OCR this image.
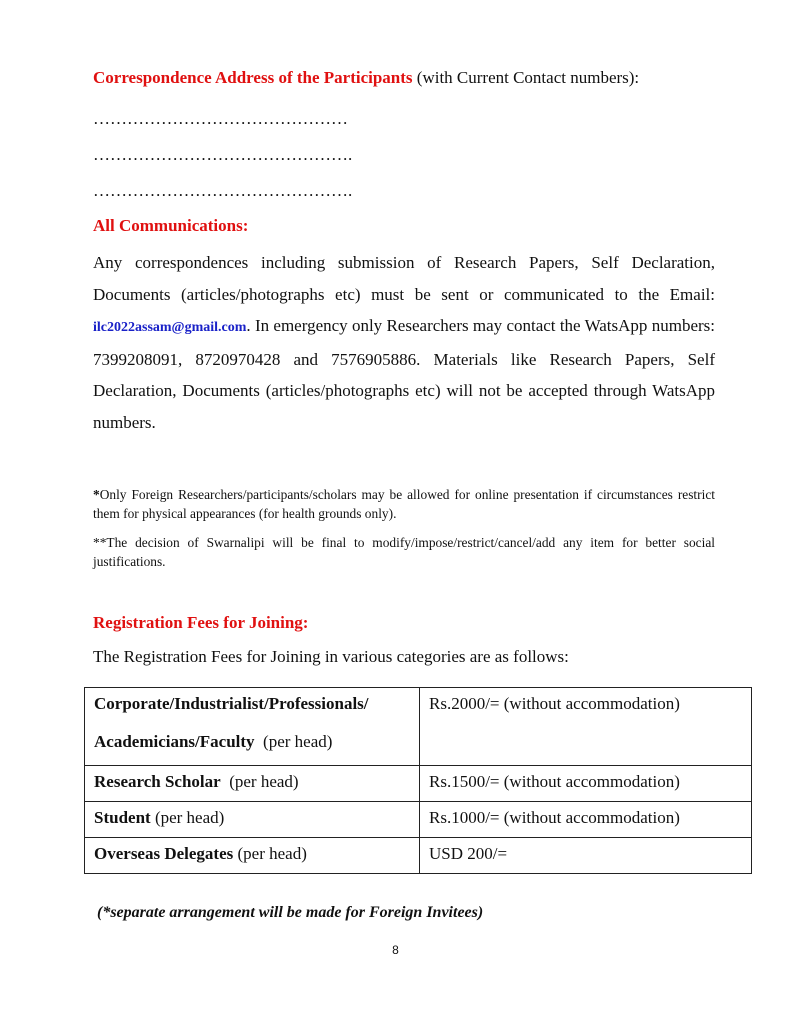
Correspondence Address of the Participants (with Current Contact numbers):
………………………………………
……………………………………….
……………………………………….
All Communications:
Any correspondences including submission of Research Papers, Self Declaration, Documents (articles/photographs etc) must be sent or communicated to the Email: ilc2022assam@gmail.com. In emergency only Researchers may contact the WatsApp numbers: 7399208091, 8720970428 and 7576905886. Materials like Research Papers, Self Declaration, Documents (articles/photographs etc) will not be accepted through WatsApp numbers.
*Only Foreign Researchers/participants/scholars may be allowed for online presentation if circumstances restrict them for physical appearances (for health grounds only).
**The decision of Swarnalipi will be final to modify/impose/restrict/cancel/add any item for better social justifications.
Registration Fees for Joining:
The Registration Fees for Joining in various categories are as follows:
Corporate/Industrialist/Professionals/
Academicians/Faculty  (per head)	Rs.2000/= (without accommodation)
Research Scholar  (per head)	Rs.1500/= (without accommodation)
Student (per head)	Rs.1000/= (without accommodation)
Overseas Delegates (per head)	USD 200/=
(*separate arrangement will be made for Foreign Invitees)
8
